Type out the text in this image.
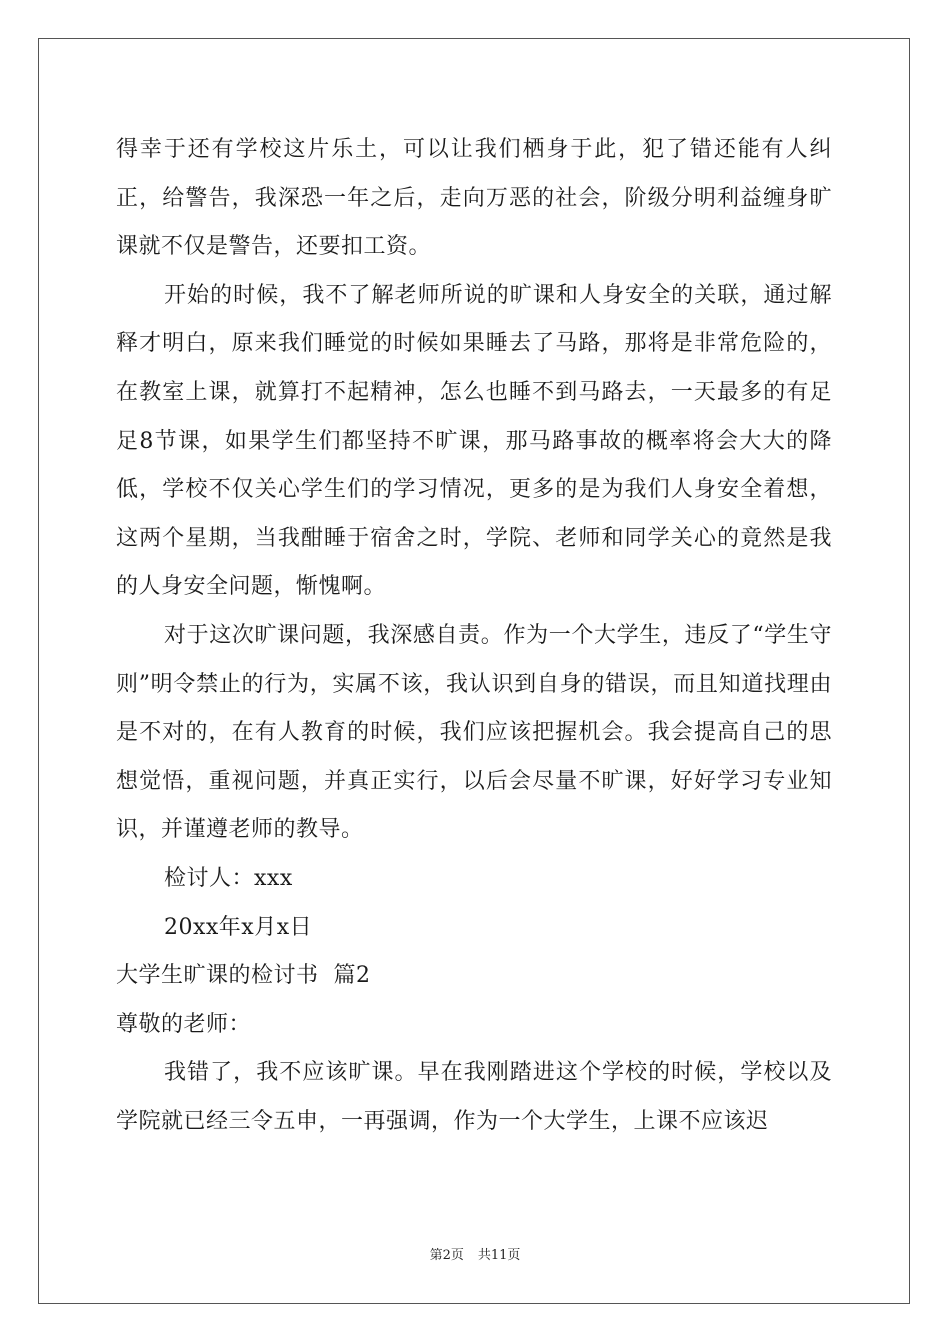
得幸于还有学校这片乐土，可以让我们栖身于此，犯了错还能有人纠正，给警告，我深恐一年之后，走向万恶的社会，阶级分明利益缠身旷课就不仅是警告，还要扣工资。

开始的时候，我不了解老师所说的旷课和人身安全的关联，通过解释才明白，原来我们睡觉的时候如果睡去了马路，那将是非常危险的，在教室上课，就算打不起精神，怎么也睡不到马路去，一天最多的有足足8节课，如果学生们都坚持不旷课，那马路事故的概率将会大大的降低，学校不仅关心学生们的学习情况，更多的是为我们人身安全着想，这两个星期，当我酣睡于宿舍之时，学院、老师和同学关心的竟然是我的人身安全问题，惭愧啊。

对于这次旷课问题，我深感自责。作为一个大学生，违反了“学生守则”明令禁止的行为，实属不该，我认识到自身的错误，而且知道找理由是不对的，在有人教育的时候，我们应该把握机会。我会提高自己的思想觉悟，重视问题，并真正实行，以后会尽量不旷课，好好学习专业知识，并谨遵老师的教导。

检讨人：xxx

20xx年x月x日

大学生旷课的检讨书  篇2

尊敬的老师：

我错了，我不应该旷课。早在我刚踏进这个学校的时候，学校以及学院就已经三令五申，一再强调，作为一个大学生，上课不应该迟

第2页 共11页
